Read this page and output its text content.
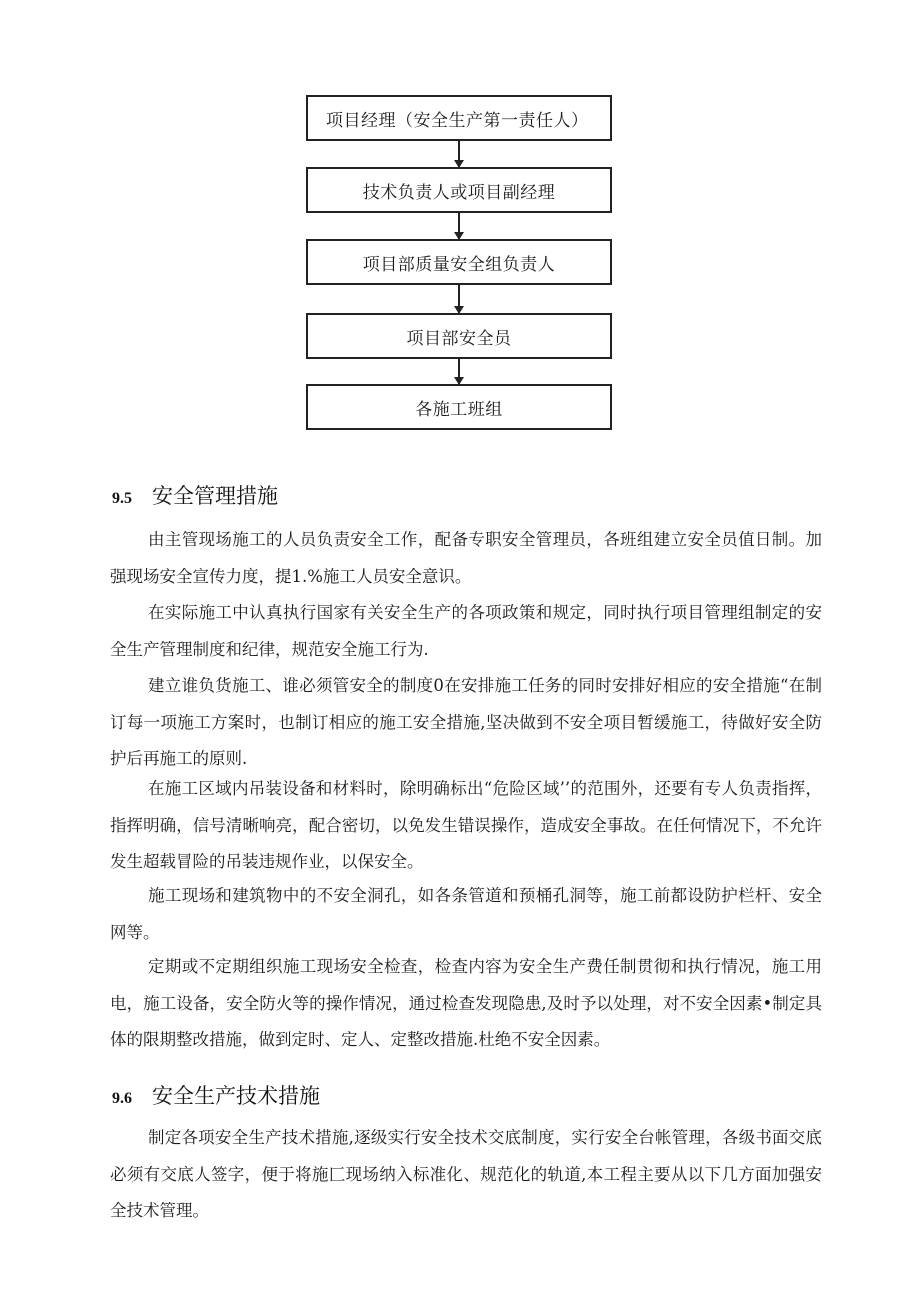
项目经理（安全生产第一责任人）
技术负责人或项目副经理
项目部质量安全组负责人
项目部安全员
各施工班组
9.5 安全管理措施

由主管现场施工的人员负责安全工作，配备专职安全管理员，各班组建立安全员值日制。加强现场安全宣传力度，提1.%施工人员安全意识。

在实际施工中认真执行国家有关安全生产的各项政策和规定，同时执行项目管理组制定的安全生产管理制度和纪律，规范安全施工行为.

建立谁负货施工、谁必须管安全的制度0在安排施工任务的同时安排好相应的安全措施“在制订每一项施工方案时，也制订相应的施工安全措施,坚决做到不安全项目暂缓施工，待做好安全防护后再施工的原则.

在施工区域内吊装设备和材料时，除明确标出“危险区域’’的范围外，还要有专人负责指挥，指挥明确，信号清晰响亮，配合密切，以免发生错误操作，造成安全事故。在任何情况下，不允许发生超载冒险的吊装违规作业，以保安全。

施工现场和建筑物中的不安全洞孔，如各条管道和预桶孔洞等，施工前都设防护栏杆、安全网等。

定期或不定期组织施工现场安全检查，检查内容为安全生产费任制贯彻和执行情况，施工用电，施工设备，安全防火等的操作情况，通过检查发现隐患,及时予以处理，对不安全因素•制定具体的限期整改措施，做到定时、定人、定整改措施.杜绝不安全因素。

9.6 安全生产技术措施

制定各项安全生产技术措施,逐级实行安全技术交底制度，实行安全台帐管理，各级书面交底必须有交底人签字，便于将施匚现场纳入标准化、规范化的轨道,本工程主要从以下几方面加强安全技术管理。
